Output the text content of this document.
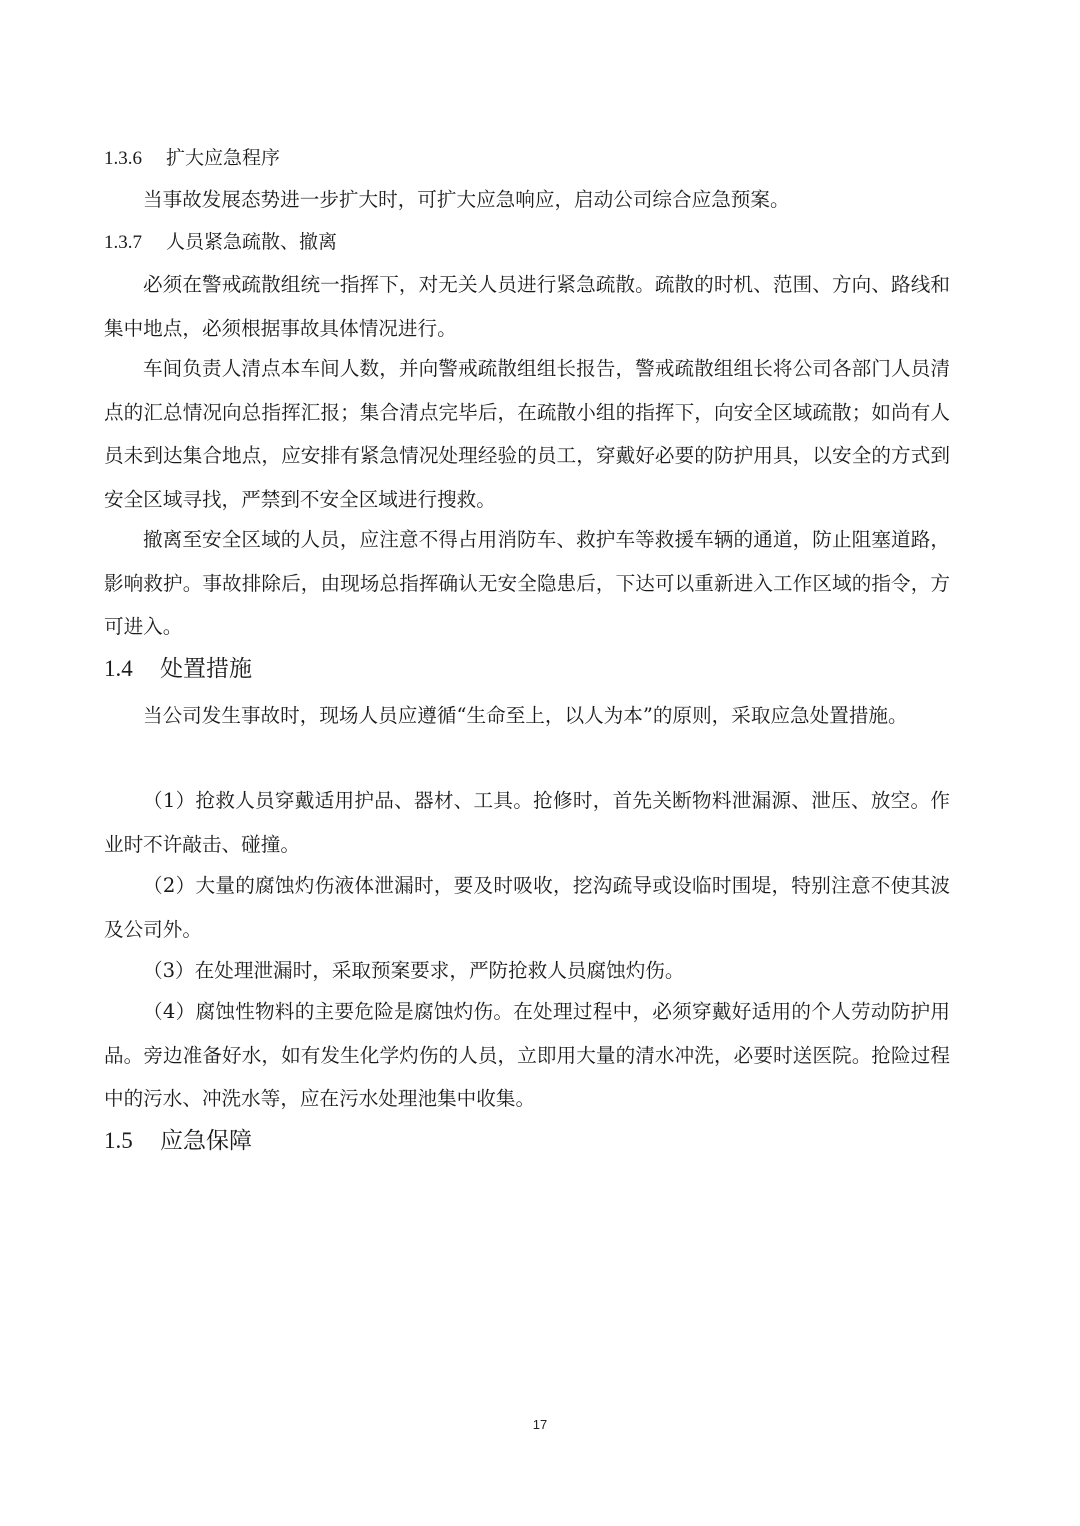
1.3.6 扩大应急程序

当事故发展态势进一步扩大时，可扩大应急响应，启动公司综合应急预案。

1.3.7 人员紧急疏散、撤离

必须在警戒疏散组统一指挥下，对无关人员进行紧急疏散。疏散的时机、范围、方向、路线和集中地点，必须根据事故具体情况进行。

车间负责人清点本车间人数，并向警戒疏散组组长报告，警戒疏散组组长将公司各部门人员清点的汇总情况向总指挥汇报；集合清点完毕后，在疏散小组的指挥下，向安全区域疏散；如尚有人员未到达集合地点，应安排有紧急情况处理经验的员工，穿戴好必要的防护用具，以安全的方式到安全区域寻找，严禁到不安全区域进行搜救。

撤离至安全区域的人员，应注意不得占用消防车、救护车等救援车辆的通道，防止阻塞道路，影响救护。事故排除后，由现场总指挥确认无安全隐患后，下达可以重新进入工作区域的指令，方可进入。

1.4 处置措施

当公司发生事故时，现场人员应遵循“生命至上，以人为本”的原则，采取应急处置措施。

（1）抢救人员穿戴适用护品、器材、工具。抢修时，首先关断物料泄漏源、泄压、放空。作业时不许敲击、碰撞。

（2）大量的腐蚀灼伤液体泄漏时，要及时吸收，挖沟疏导或设临时围堤，特别注意不使其波及公司外。

（3）在处理泄漏时，采取预案要求，严防抢救人员腐蚀灼伤。

（4）腐蚀性物料的主要危险是腐蚀灼伤。在处理过程中，必须穿戴好适用的个人劳动防护用品。旁边准备好水，如有发生化学灼伤的人员，立即用大量的清水冲洗，必要时送医院。抢险过程中的污水、冲洗水等，应在污水处理池集中收集。

1.5 应急保障
17
